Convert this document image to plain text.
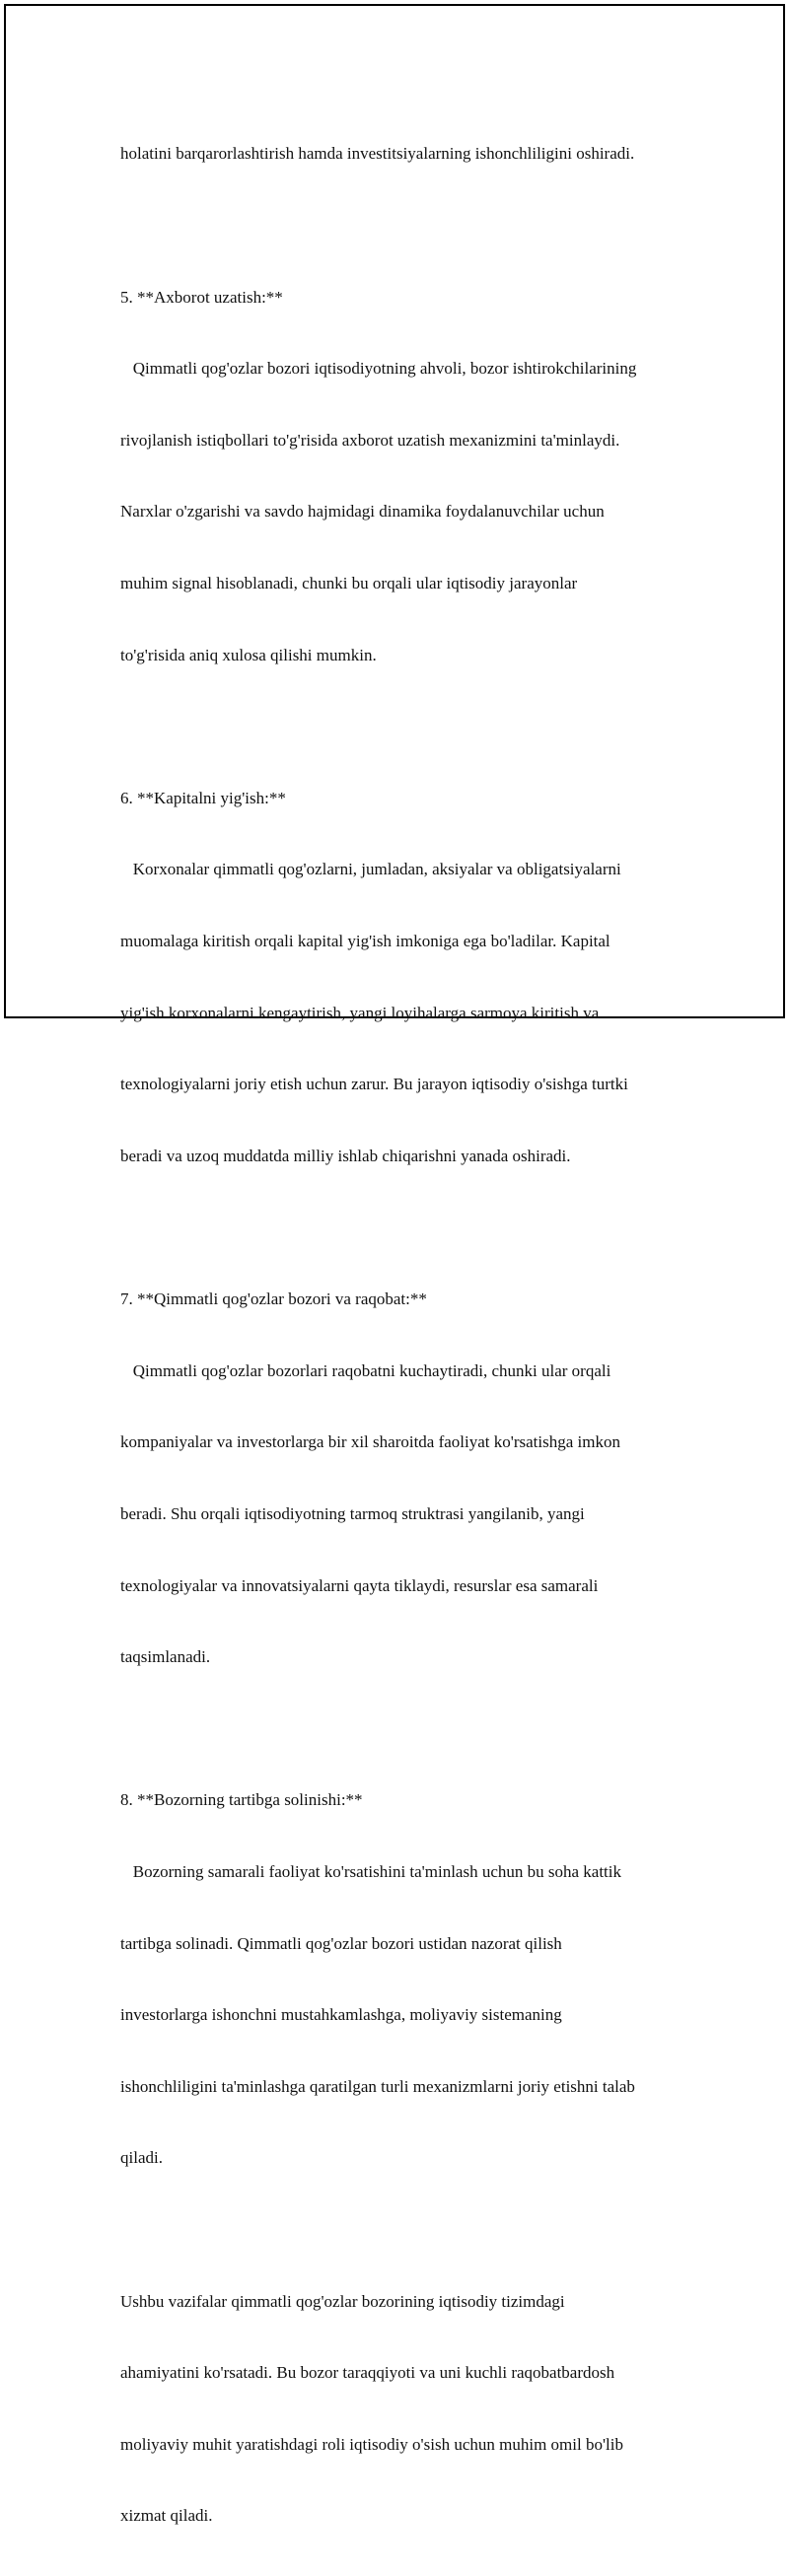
holatini barqarorlashtirish hamda investitsiyalarning ishonchliligini oshiradi.

5. **Axborot uzatish:**

Qimmatli qog'ozlar bozori iqtisodiyotning ahvoli, bozor ishtirokchilarining

rivojlanish istiqbollari to'g'risida axborot uzatish mexanizmini ta'minlaydi.

Narxlar o'zgarishi va savdo hajmidagi dinamika foydalanuvchilar uchun

muhim signal hisoblanadi, chunki bu orqali ular iqtisodiy jarayonlar

to'g'risida aniq xulosa qilishi mumkin.

6. **Kapitalni yig'ish:**

Korxonalar qimmatli qog'ozlarni, jumladan, aksiyalar va obligatsiyalarni

muomalaga kiritish orqali kapital yig'ish imkoniga ega bo'ladilar. Kapital

yig'ish korxonalarni kengaytirish, yangi loyihalarga sarmoya kiritish va

texnologiyalarni joriy etish uchun zarur. Bu jarayon iqtisodiy o'sishga turtki

beradi va uzoq muddatda milliy ishlab chiqarishni yanada oshiradi.

7. **Qimmatli qog'ozlar bozori va raqobat:**

Qimmatli qog'ozlar bozorlari raqobatni kuchaytiradi, chunki ular orqali

kompaniyalar va investorlarga bir xil sharoitda faoliyat ko'rsatishga imkon

beradi. Shu orqali iqtisodiyotning tarmoq struktrasi yangilanib, yangi

texnologiyalar va innovatsiyalarni qayta tiklaydi, resurslar esa samarali

taqsimlanadi.

8. **Bozorning tartibga solinishi:**

Bozorning samarali faoliyat ko'rsatishini ta'minlash uchun bu soha kattik

tartibga solinadi. Qimmatli qog'ozlar bozori ustidan nazorat qilish

investorlarga ishonchni mustahkamlashga, moliyaviy sistemaning

ishonchliligini ta'minlashga qaratilgan turli mexanizmlarni joriy etishni talab

qiladi.

Ushbu vazifalar qimmatli qog'ozlar bozorining iqtisodiy tizimdagi

ahamiyatini ko'rsatadi. Bu bozor taraqqiyoti va uni kuchli raqobatbardosh

moliyaviy muhit yaratishdagi roli iqtisodiy o'sish uchun muhim omil bo'lib

xizmat qiladi.
